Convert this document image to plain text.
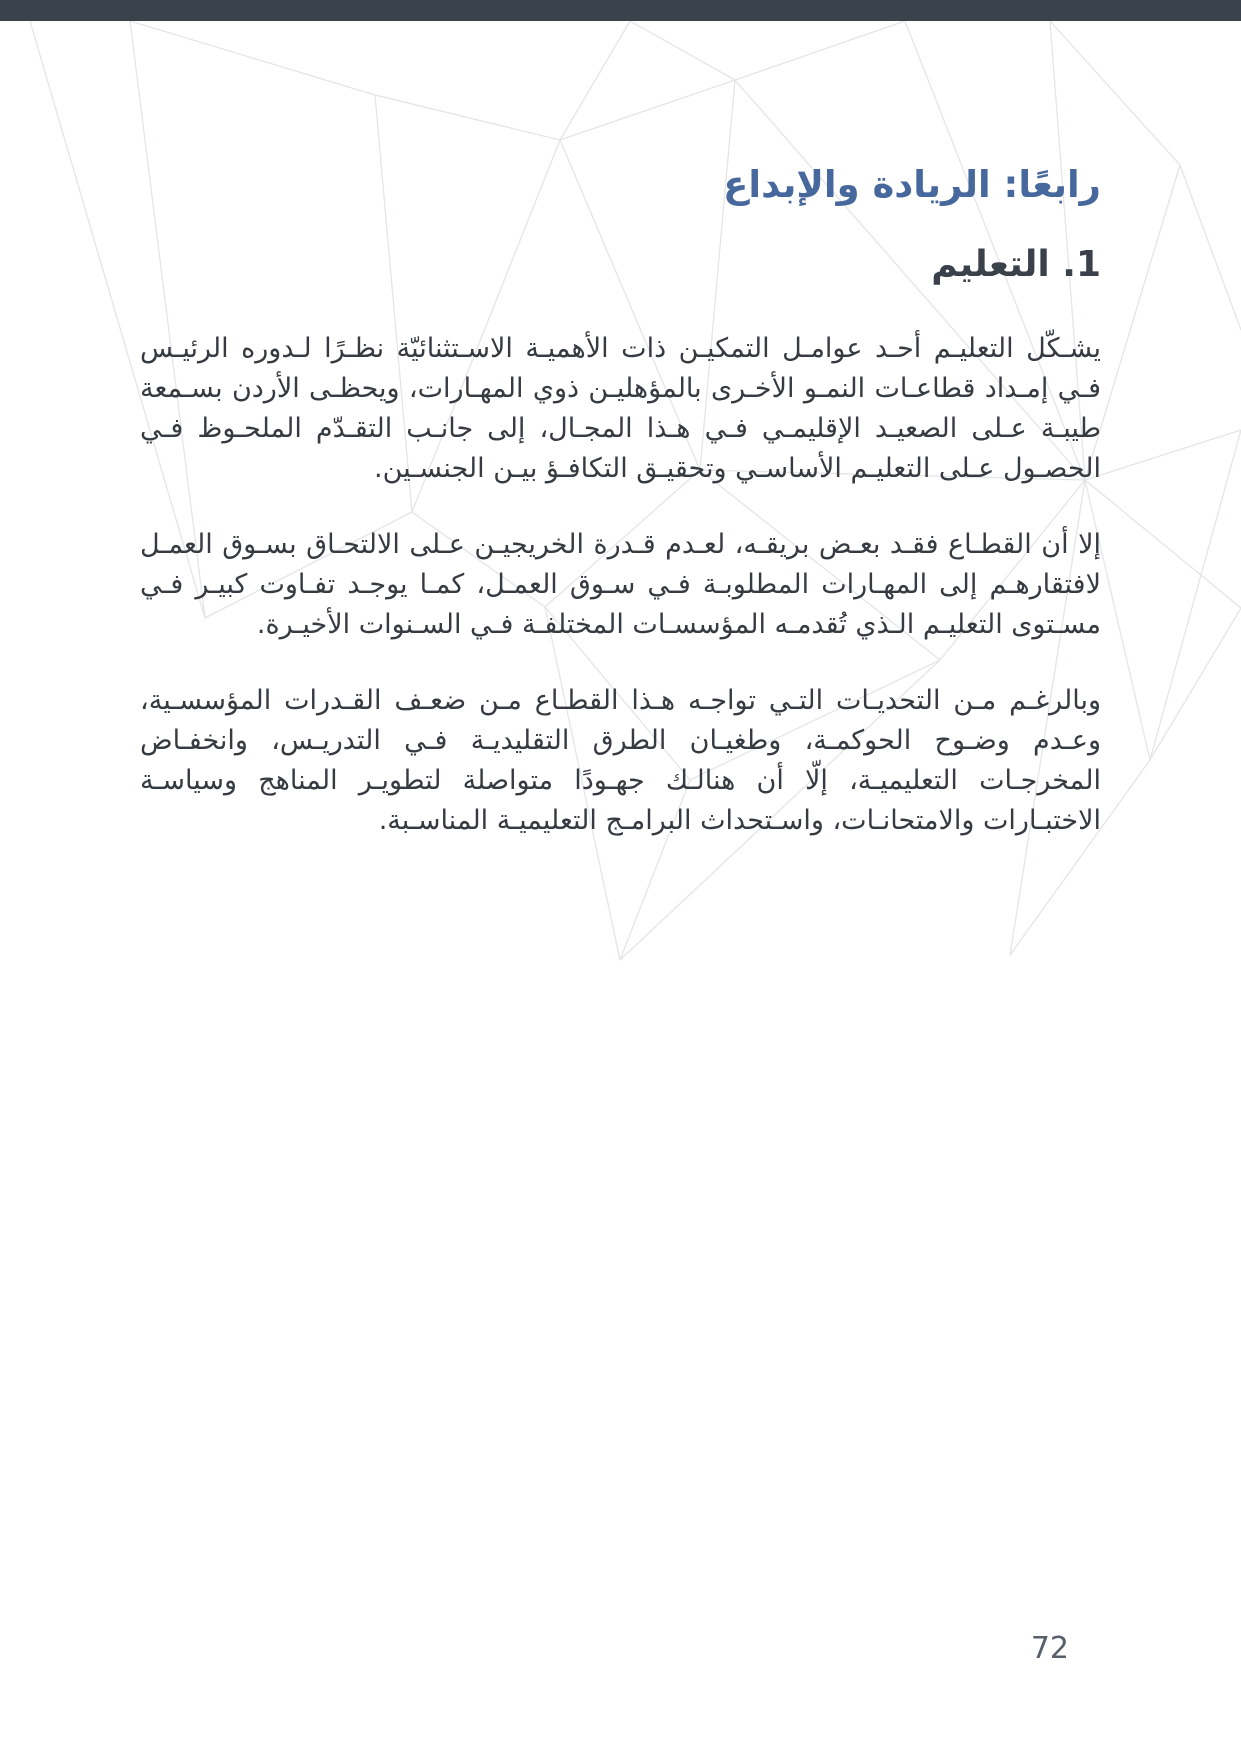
رابعًا: الريادة والإبداع
1. التعليم

يشـكّل التعليـم أحـد عوامـل التمكيـن ذات الأهميـة الاسـتثنائيّة نظـرًا لـدوره الرئيـس فـي إمـداد قطاعـات النمـو الأخـرى بالمؤهليـن ذوي المهـارات، ويحظـى الأردن بسـمعة طيبـة عـلى الصعيـد الإقليمـي فـي هـذا المجـال، إلى جانـب التقـدّم الملحـوظ فـي الحصـول عـلى التعليـم الأساسـي وتحقيـق التكافـؤ بيـن الجنسـين.

إلا أن القطـاع فقـد بعـض بريقـه، لعـدم قـدرة الخريجيـن عـلى الالتحـاق بسـوق العمـل لافتقارهـم إلى المهـارات المطلوبـة فـي سـوق العمـل، كمـا يوجـد تفـاوت كبيـر فـي مسـتوى التعليـم الـذي تُقدمـه المؤسسـات المختلفـة فـي السـنوات الأخيـرة.

وبالرغـم مـن التحديـات التـي تواجـه هـذا القطـاع مـن ضعـف القـدرات المؤسسـية، وعـدم وضـوح الحوكمـة، وطغيـان الطرق التقليديـة فـي التدريـس، وانخفـاض المخرجـات التعليميـة، إلّا أن هنالـك جهـودًا متواصلة لتطويـر المناهج وسياسـة الاختبـارات والامتحانـات، واسـتحداث البرامـج التعليميـة المناسـبة.

72
